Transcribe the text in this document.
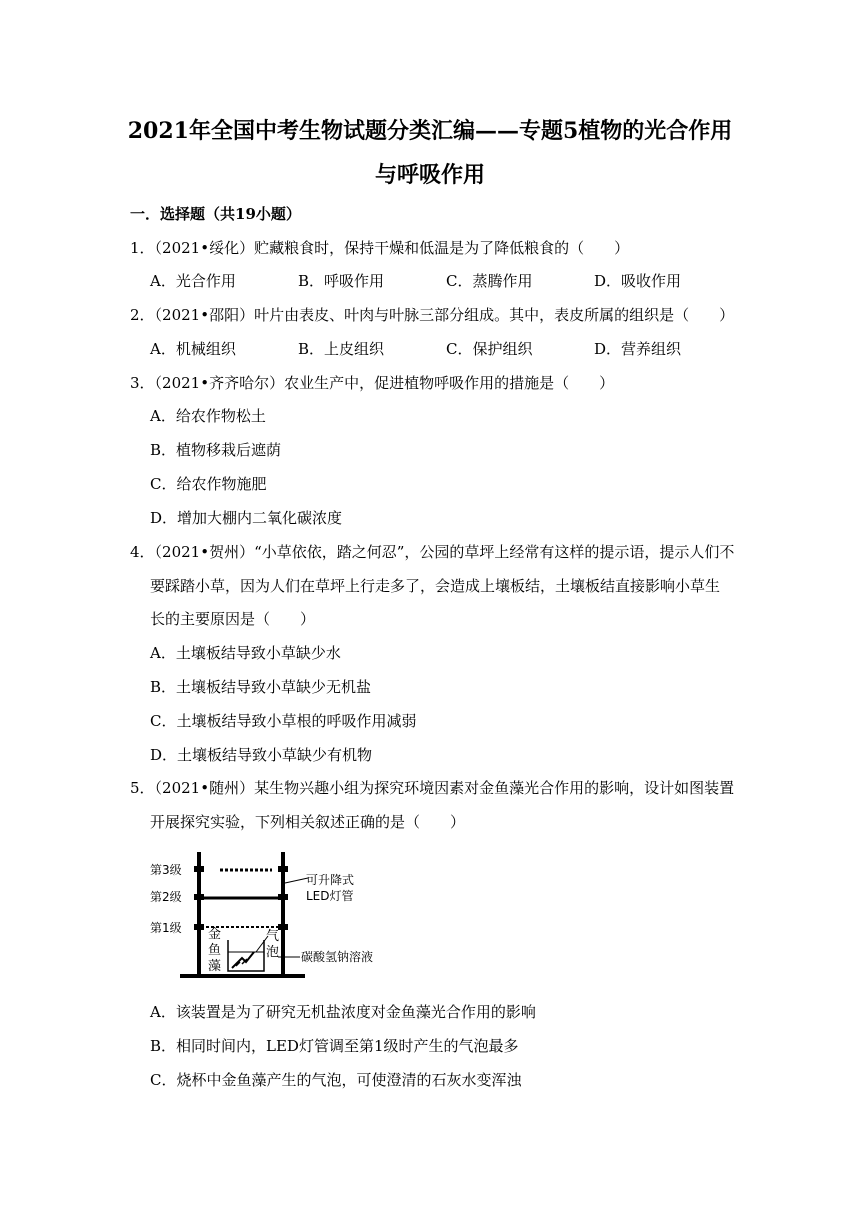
2021年全国中考生物试题分类汇编——专题5植物的光合作用
与呼吸作用
一．选择题（共19小题）
1．（2021•绥化）贮藏粮食时，保持干燥和低温是为了降低粮食的（　　）
A．光合作用	B．呼吸作用	C．蒸腾作用	D．吸收作用
2．（2021•邵阳）叶片由表皮、叶肉与叶脉三部分组成。其中，表皮所属的组织是（　　）
A．机械组织	B．上皮组织	C．保护组织	D．营养组织
3．（2021•齐齐哈尔）农业生产中，促进植物呼吸作用的措施是（　　）
A．给农作物松土
B．植物移栽后遮荫
C．给农作物施肥
D．增加大棚内二氧化碳浓度
4．（2021•贺州）“小草依依，踏之何忍”，公园的草坪上经常有这样的提示语，提示人们不
要踩踏小草，因为人们在草坪上行走多了，会造成上壤板结，土壤板结直接影响小草生
长的主要原因是（　　）
A．土壤板结导致小草缺少水
B．土壤板结导致小草缺少无机盐
C．土壤板结导致小草根的呼吸作用减弱
D．土壤板结导致小草缺少有机物
5．（2021•随州）某生物兴趣小组为探究环境因素对金鱼藻光合作用的影响，设计如图装置
开展探究实验，下列相关叙述正确的是（　　）
第3级
第2级
第1级
可升降式
LED灯管
金
鱼
藻
气
泡 碳酸氢钠溶液
A．该装置是为了研究无机盐浓度对金鱼藻光合作用的影响
B．相同时间内，LED灯管调至第1级时产生的气泡最多
C．烧杯中金鱼藻产生的气泡，可使澄清的石灰水变浑浊
